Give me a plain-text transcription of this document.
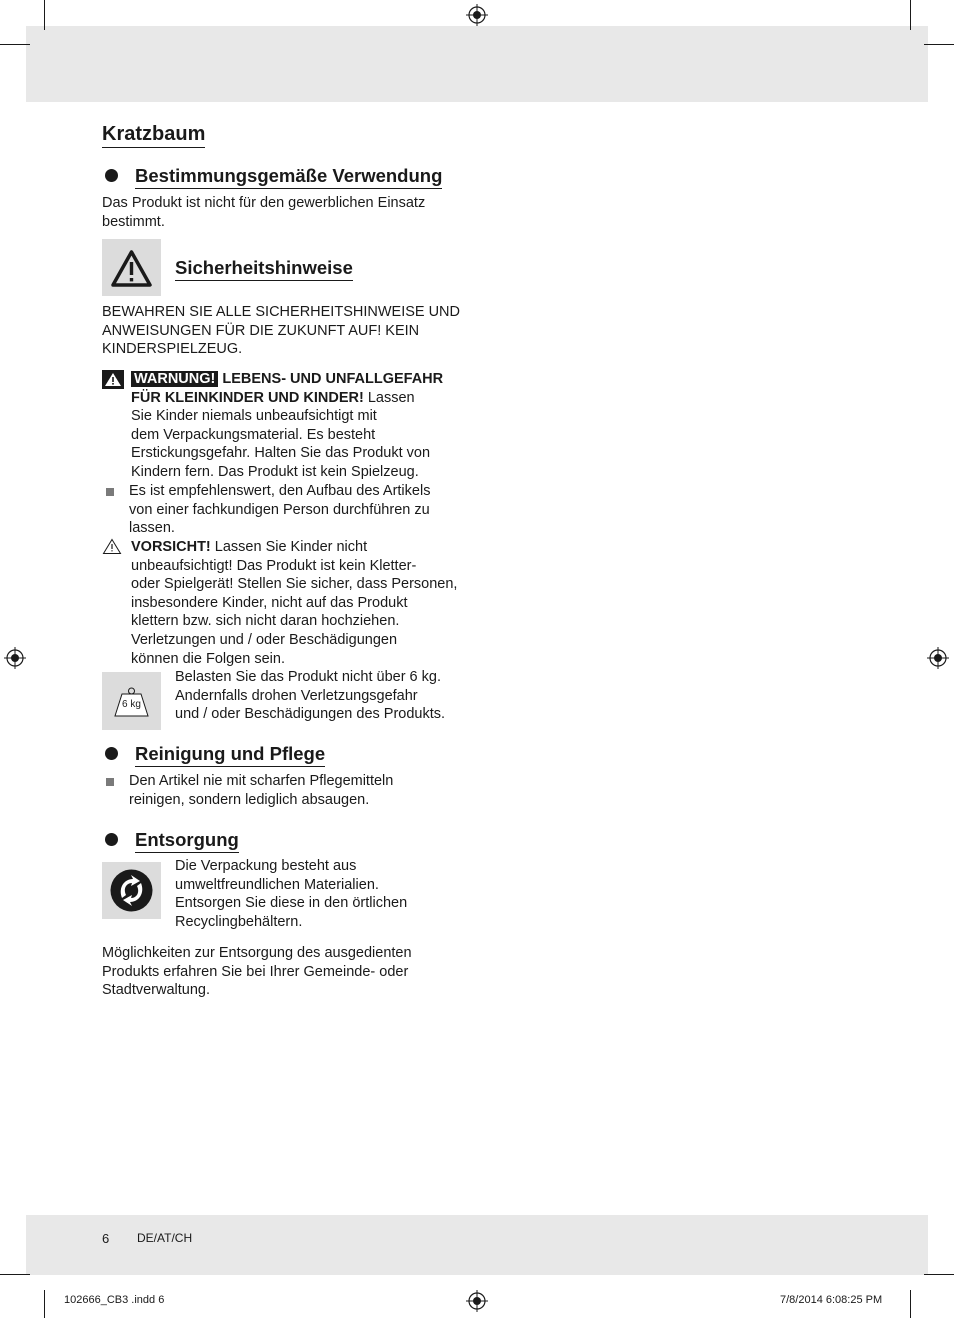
Kratzbaum
Bestimmungsgemäße Verwendung
Das Produkt ist nicht für den gewerblichen Einsatz
bestimmt.
Sicherheitshinweise
BEWAHREN SIE ALLE SICHERHEITSHINWEISE UND
ANWEISUNGEN FÜR DIE ZUKUNFT AUF! KEIN
KINDERSPIELZEUG.
WARNUNG! LEBENS- UND UNFALLGEFAHR
FÜR KLEINKINDER UND KINDER! Lassen
Sie Kinder niemals unbeaufsichtigt mit
dem Verpackungsmaterial. Es besteht
Erstickungsgefahr. Halten Sie das Produkt von
Kindern fern. Das Produkt ist kein Spielzeug.
Es ist empfehlenswert, den Aufbau des Artikels
von einer fachkundigen Person durchführen zu
lassen.
VORSICHT! Lassen Sie Kinder nicht
unbeaufsichtigt! Das Produkt ist kein Kletter-
oder Spielgerät! Stellen Sie sicher, dass Personen,
insbesondere Kinder, nicht auf das Produkt
klettern bzw. sich nicht daran hochziehen.
Verletzungen und / oder Beschädigungen
können die Folgen sein.
6 kg
Belasten Sie das Produkt nicht über 6 kg.
Andernfalls drohen Verletzungsgefahr
und / oder Beschädigungen des Produkts.
Reinigung und Pflege
Den Artikel nie mit scharfen Pflegemitteln
reinigen, sondern lediglich absaugen.
Entsorgung
Die Verpackung besteht aus
umweltfreundlichen Materialien.
Entsorgen Sie diese in den örtlichen
Recyclingbehältern.
Möglichkeiten zur Entsorgung des ausgedienten
Produkts erfahren Sie bei Ihrer Gemeinde- oder
Stadtverwaltung.
6 DE/AT/CH
102666_CB3 .indd 6	7/8/2014 6:08:25 PM
